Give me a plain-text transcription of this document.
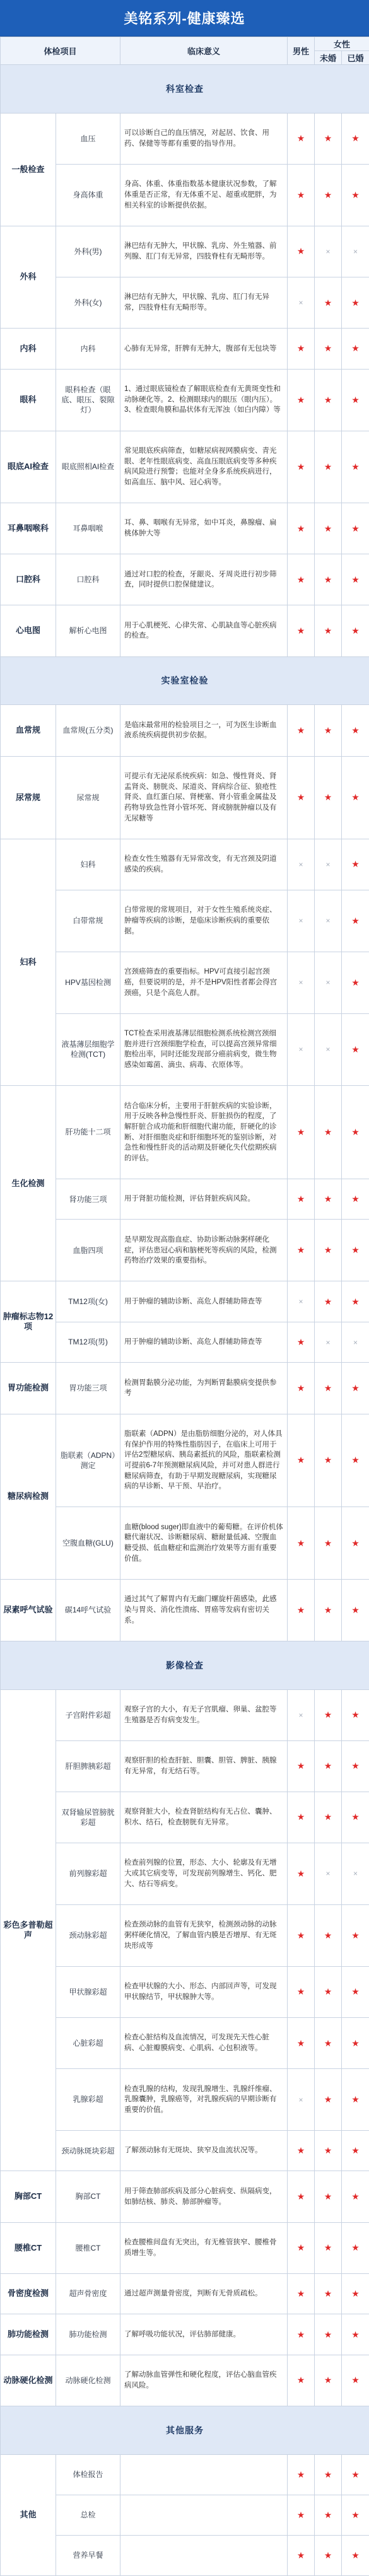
美铭系列-健康臻选
体检项目		临床意义	男性	女性	
				未婚	已婚
科室检查					
一般检查	血压	可以诊断自己的血压情况，对起居、饮食、用药、保健等等都有重要的指导作用。	★	★	★
	身高体重	身高、体重、体重指数基本健康状况参数，了解体重是否正常，有无体重不足、超重或肥胖，为相关科室的诊断提供依据。	★	★	★
外科	外科(男)	淋巴结有无肿大，甲状腺、乳房、外生殖器、前列腺、肛门有无异常，四肢脊柱有无畸形等。	★	×	×
	外科(女)	淋巴结有无肿大，甲状腺、乳房、肛门有无异常，四肢脊柱有无畸形等。	×	★	★
内科	内科	心肺有无异常，肝脾有无肿大，腹部有无包块等	★	★	★
眼科	眼科检查（眼底、眼压、裂隙灯）	1、通过眼底镜检查了解眼底检查有无黄斑变性和动脉硬化等。2、检测眼球内的眼压（眼内压）。3、检查眼角膜和晶状体有无浑浊（如白内障）等	★	★	★
眼底AI检查	眼底照相AI检查	常见眼底疾病筛查，如糖尿病视网膜病变、青光眼、老年性眼底病变、高血压眼底病变等多种疾病风险进行预警；也能对全身多系统疾病进行，如高血压、脑中风、冠心病等。	★	★	★
耳鼻咽喉科	耳鼻咽喉	耳、鼻、咽喉有无异常，如中耳炎，鼻腺瘤、扁桃体肿大等	★	★	★
口腔科	口腔科	通过对口腔的检查，牙龈炎、牙周炎进行初步筛查，同时提供口腔保健建议。	★	★	★
心电图	解析心电图	用于心肌梗死、心律失常、心肌缺血等心脏疾病的检查。	★	★	★
实验室检验					
血常规	血常规(五分类)	是临床最常用的检验项目之一，可为医生诊断血液系统疾病提供初步依据。	★	★	★
尿常规	尿常规	可提示有无泌尿系统疾病：如急、慢性肾炎、肾盂肾炎、膀胱炎、尿道炎、肾病综合征、狼疮性肾炎、血红蛋白尿、肾梗塞、肾小管重金属盐及药物导致急性肾小管坏死、肾或膀胱肿瘤以及有无尿糖等	★	★	★
妇科	妇科	检查女性生殖器有无异常改变，有无宫颈及阴道感染的疾病。	×	×	★
	白带常规	白带常规的常规项目，对于女性生殖系统炎症、肿瘤等疾病的诊断，是临床诊断疾病的重要依据。	×	×	★
	HPV基因检测	宫颈癌筛查的重要指标。HPV可直接引起宫颈癌，但要说明的是，并不是HPV阳性者都会得宫颈癌，只是个高危人群。	×	×	★
	液基薄层细胞学检测(TCT)	TCT检查采用液基薄层细胞检测系统检测宫颈细胞并进行宫颈细胞学检查，可以提高宫颈异常细胞检出率，同时还能发现部分癌前病变，微生物感染如霉菌、滴虫、病毒、衣原体等。	×	×	★
生化检测	肝功能十二项	结合临床分析，主要用于肝脏疾病的实验诊断，用于反映各种急慢性肝炎、肝脏损伤的程度，了解肝脏合成功能和肝细胞代谢功能，肝硬化的诊断、对肝细胞炎症和肝细胞坏死的鉴别诊断，对急性和慢性肝炎的活动期及肝硬化失代偿期疾病的评估。	★	★	★
	肾功能三项	用于肾脏功能检测，评估肾脏疾病风险。	★	★	★
	血脂四项	是早期发现高脂血症、协助诊断动脉粥样硬化症，评估患冠心病和脑梗死等疾病的风险，检测药物治疗效果的重要指标。	★	★	★
肿瘤标志物12项	TM12项(女)	用于肿瘤的辅助诊断、高危人群辅助筛查等	×	★	★
	TM12项(男)	用于肿瘤的辅助诊断、高危人群辅助筛查等	★	×	×
胃功能检测	胃功能三项	检测胃黏膜分泌功能，为判断胃黏膜病变提供参考	★	★	★
糖尿病检测	脂联素（ADPN）测定	脂联素（ADPN）是由脂肪细胞分泌的，对人体具有保护作用的特殊性脂肪因子，在临床上可用于评估2型糖尿病、胰岛素抵抗的风险，脂联素检测可提前6-7年预测糖尿病风险，并可对患人群进行糖尿病筛查，有助于早期发现糖尿病，实现糖尿病的早诊断、早干预、早治疗。	★	★	★
	空腹血糖(GLU)	血糖(blood suger)即血液中的葡萄糖。在评价机体糖代谢状况、诊断糖尿病、糖耐量低减、空腹血糖受损、低血糖症和监测治疗效果等方面有重要价值。	★	★	★
尿素呼气试验	碳14呼气试验	通过其气了解胃内有无幽门螺旋杆菌感染，此感染与胃炎、消化性溃疡、胃癌等发病有密切关系。	★	★	★
影像检查					
彩色多普勒超声	子宫附件彩超	观察子宫的大小，有无子宫肌瘤、卵巢、盆腔等生殖器是否有病变发生。	×	★	★
	肝胆脾胰彩超	观察肝胆的检查肝脏、胆囊、胆管、脾脏、胰腺有无异常，有无结石等。	★	★	★
	双肾输尿管膀胱彩超	观察肾脏大小，检查肾脏结构有无占位、囊肿、积水、结石，检查膀胱有无异常。	★	★	★
	前列腺彩超	检查前列腺的位置，形态、大小、轮廓及有无增大或其它病变等，可发现前列腺增生、钙化、肥大、结石等病变。	★	×	×
	颈动脉彩超	检查颈动脉的血管有无狭窄，检测颈动脉的动脉粥样硬化情况，了解血管内膜是否增厚、有无斑块形成等	★	★	★
	甲状腺彩超	检查甲状腺的大小、形态、内部回声等，可发现甲状腺结节，甲状腺肿大等。	★	★	★
	心脏彩超	检查心脏结构及血流情况，可发现先天性心脏病、心脏瓣膜病变、心肌病、心包积液等。	★	★	★
	乳腺彩超	检查乳腺的结构，发现乳腺增生、乳腺纤维瘤、乳腺囊肿，乳腺癌等，对乳腺疾病的早期诊断有重要的价值。	×	★	★
	颈动脉斑块彩超	了解颈动脉有无斑块、狭窄及血流状况等。	★	★	★
胸部CT	胸部CT	用于筛查肺部疾病及部分心脏病变、纵隔病变，如肺结核、肺炎、肺部肿瘤等。	★	★	★
腰椎CT	腰椎CT	检查腰椎间盘有无突出，有无椎管狭窄、腰椎骨质增生等。	★	★	★
骨密度检测	超声骨密度	通过超声测量骨密度，判断有无骨质疏松。	★	★	★
肺功能检测	肺功能检测	了解呼吸功能状况，评估肺部健康。	★	★	★
动脉硬化检测	动脉硬化检测	了解动脉血管弹性和硬化程度，评估心脑血管疾病风险。	★	★	★
其他服务					
其他	体检报告		★	★	★
	总检		★	★	★
	营养早餐		★	★	★
